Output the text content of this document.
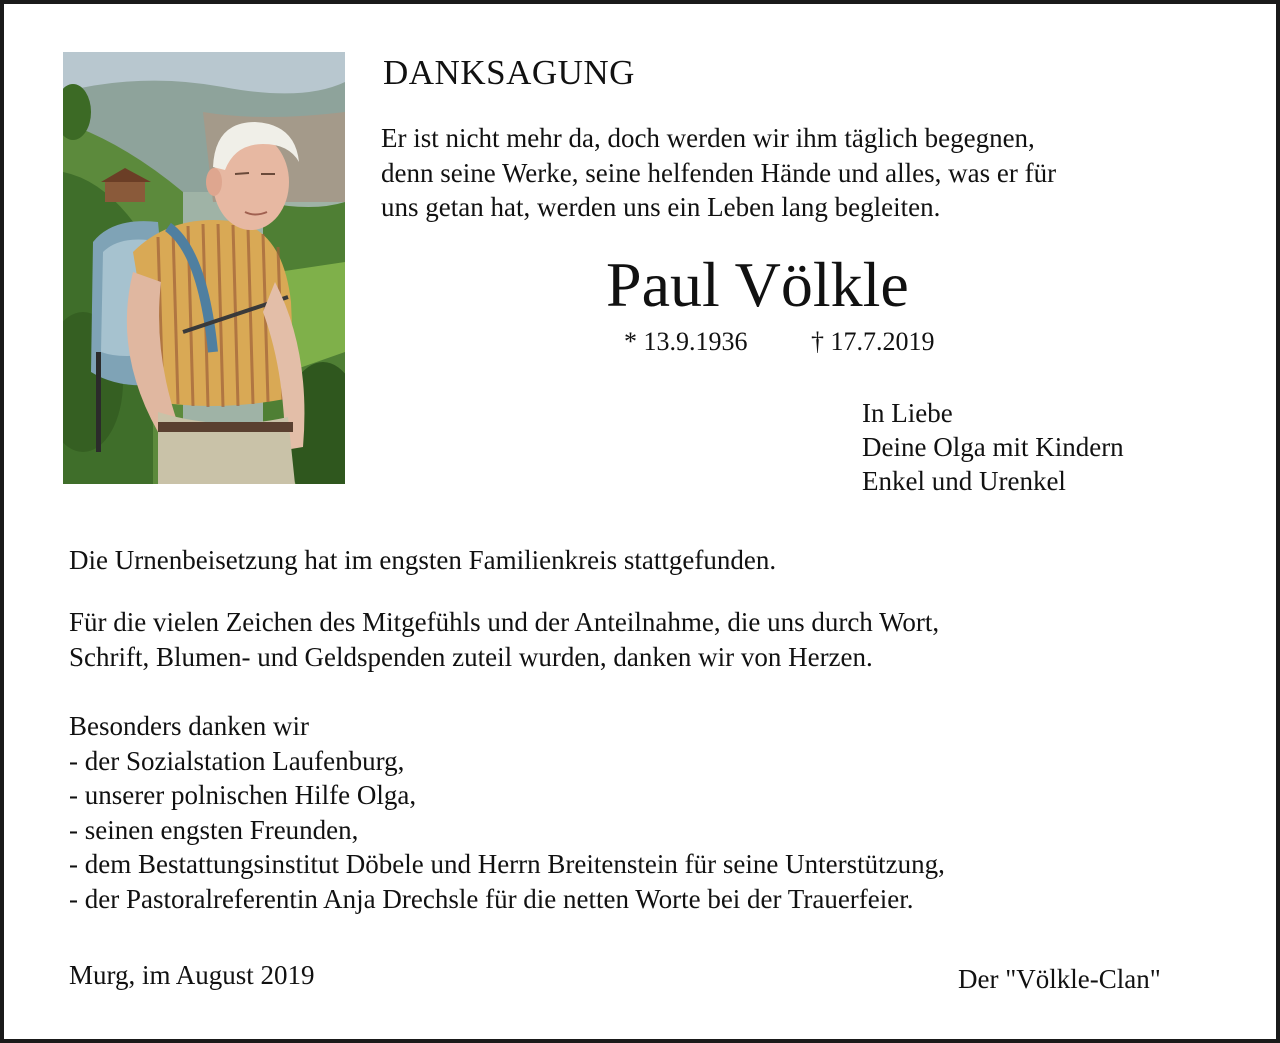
DANKSAGUNG
Er ist nicht mehr da, doch werden wir ihm täglich begegnen,
denn seine Werke, seine helfenden Hände und alles, was er für
uns getan hat, werden uns ein Leben lang begleiten.
Paul Völkle
* 13.9.1936 † 17.7.2019
In Liebe
Deine Olga mit Kindern
Enkel und Urenkel
Die Urnenbeisetzung hat im engsten Familienkreis stattgefunden.
Für die vielen Zeichen des Mitgefühls und der Anteilnahme, die uns durch Wort,
Schrift, Blumen- und Geldspenden zuteil wurden, danken wir von Herzen.
Besonders danken wir
- der Sozialstation Laufenburg,
- unserer polnischen Hilfe Olga,
- seinen engsten Freunden,
- dem Bestattungsinstitut Döbele und Herrn Breitenstein für seine Unterstützung,
- der Pastoralreferentin Anja Drechsle für die netten Worte bei der Trauerfeier.
Murg, im August 2019	Der "Völkle-Clan"
